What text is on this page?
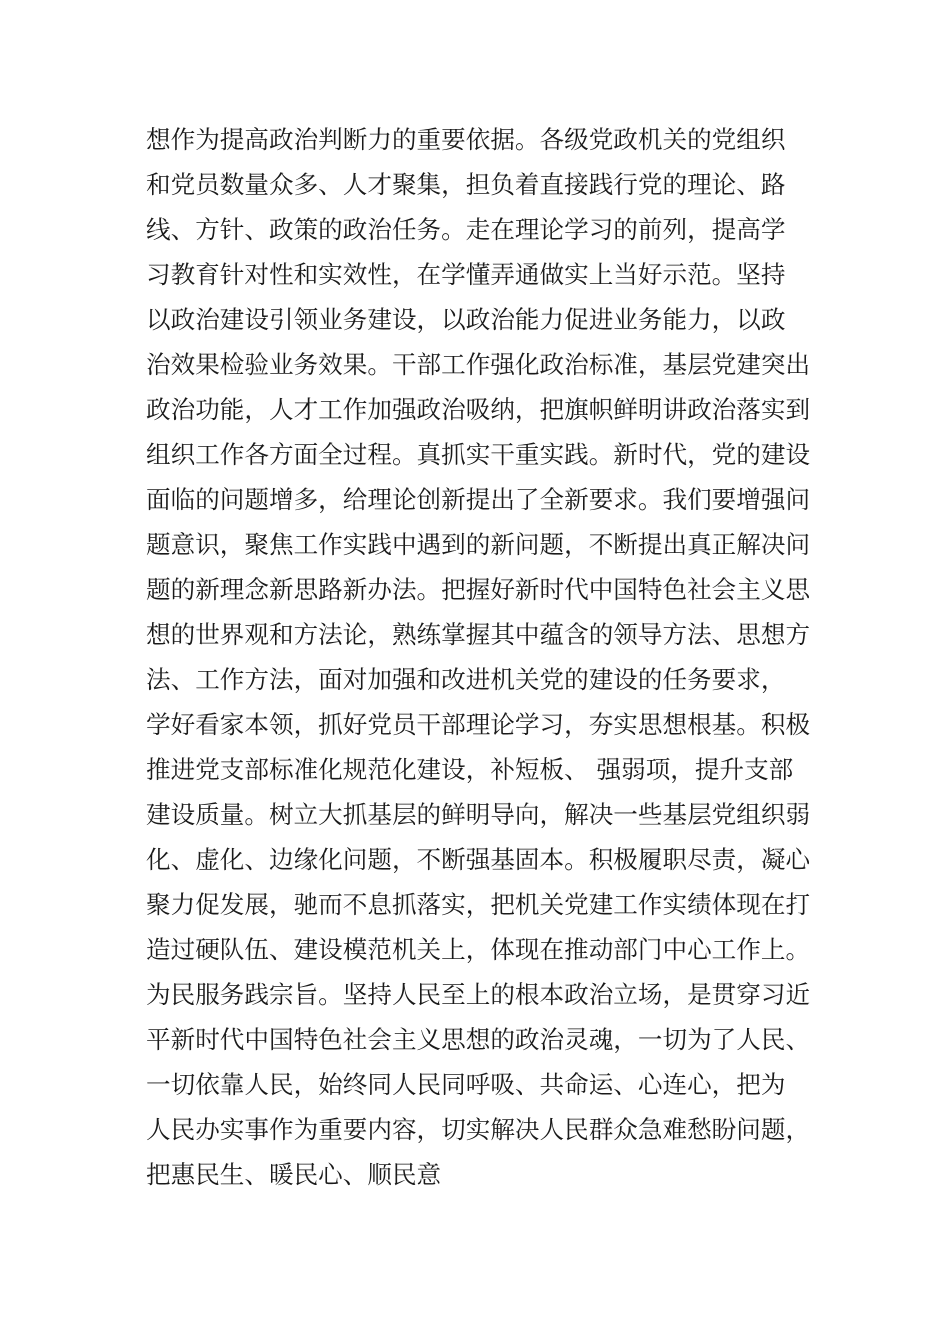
想作为提高政治判断力的重要依据。各级党政机关的党组织
和党员数量众多、人才聚集，担负着直接践行党的理论、路
线、方针、政策的政治任务。走在理论学习的前列，提高学
习教育针对性和实效性，在学懂弄通做实上当好示范。坚持
以政治建设引领业务建设，以政治能力促进业务能力，以政
治效果检验业务效果。干部工作强化政治标准，基层党建突出
政治功能，人才工作加强政治吸纳，把旗帜鲜明讲政治落实到
组织工作各方面全过程。真抓实干重实践。新时代，党的建设
面临的问题增多，给理论创新提出了全新要求。我们要增强问
题意识，聚焦工作实践中遇到的新问题，不断提出真正解决问
题的新理念新思路新办法。把握好新时代中国特色社会主义思
想的世界观和方法论，熟练掌握其中蕴含的领导方法、思想方
法、工作方法，面对加强和改进机关党的建设的任务要求，
学好看家本领，抓好党员干部理论学习，夯实思想根基。积极
推进党支部标准化规范化建设，补短板、 强弱项，提升支部
建设质量。树立大抓基层的鲜明导向，解决一些基层党组织弱
化、虚化、边缘化问题，不断强基固本。积极履职尽责，凝心
聚力促发展，驰而不息抓落实，把机关党建工作实绩体现在打
造过硬队伍、建设模范机关上，体现在推动部门中心工作上。
为民服务践宗旨。坚持人民至上的根本政治立场，是贯穿习近
平新时代中国特色社会主义思想的政治灵魂，一切为了人民、
一切依靠人民，始终同人民同呼吸、共命运、心连心，把为
人民办实事作为重要内容，切实解决人民群众急难愁盼问题，
把惠民生、暖民心、顺民意
